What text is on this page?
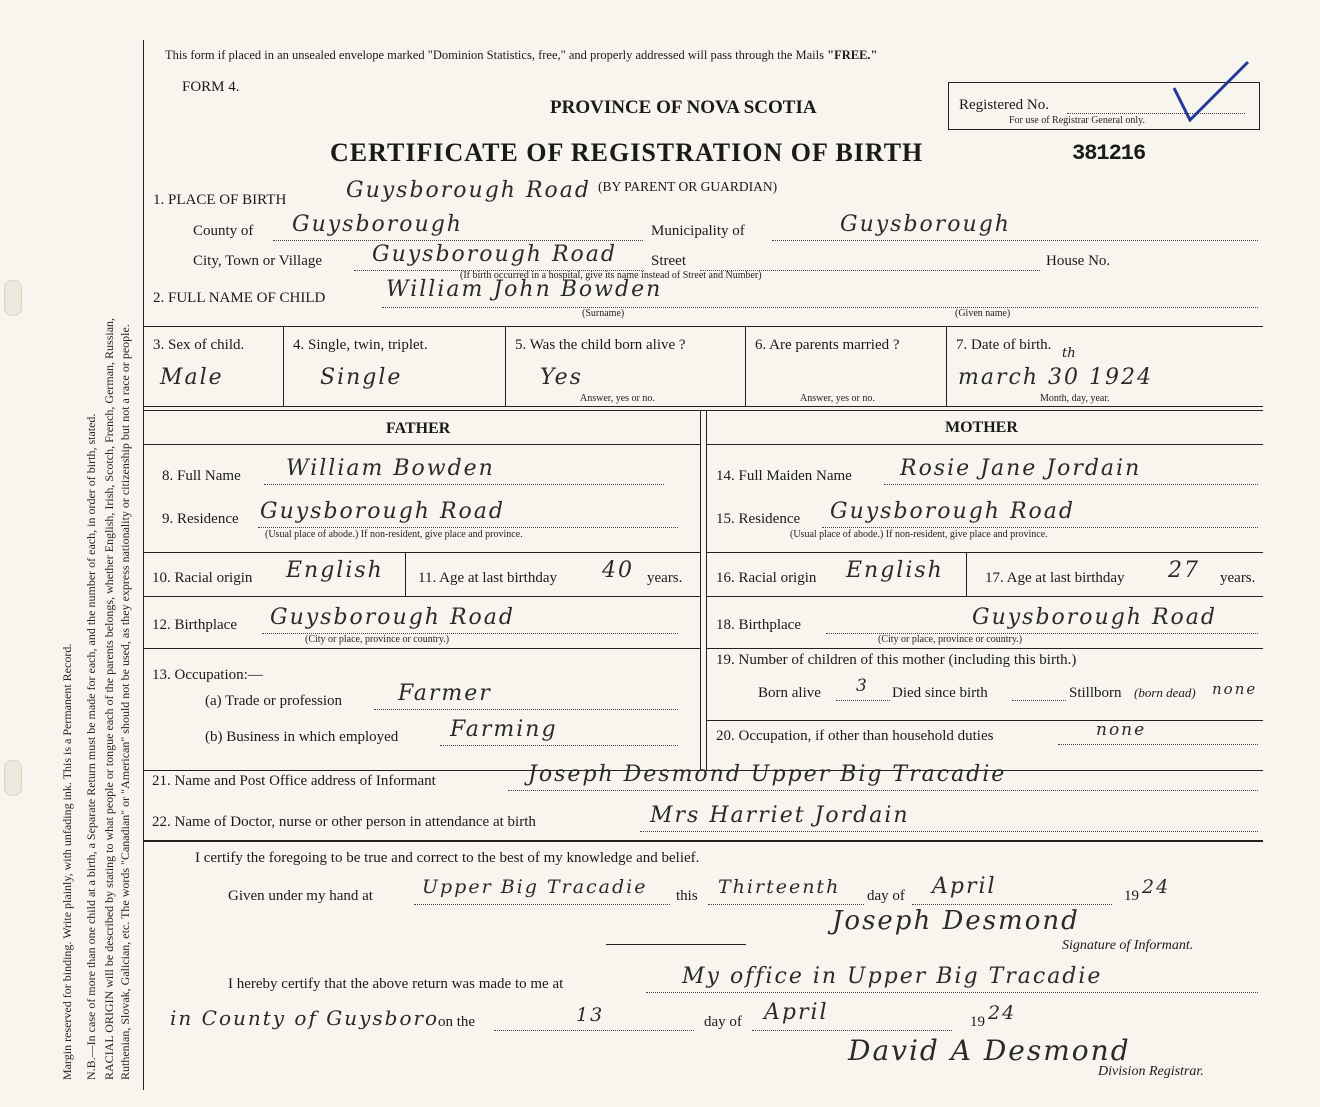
Margin reserved for binding. Write plainly, with unfading ink. This is a Permanent Record. N.B.—In case of more than one child at a birth, a Separate Return must be made for each, and the number of each, in order of birth, stated. RACIAL ORIGIN will be described by stating to what people or tongue each of the parents belongs, whether English, Irish, Scotch, French, German, Russian, Ruthenian, Slovak, Galician, etc. The words "Canadian" or "American" should not be used, as they express nationality or citizenship but not a race or people.
This form if placed in an unsealed envelope marked "Dominion Statistics, free," and properly addressed will pass through the Mails "FREE."
FORM 4.
PROVINCE OF NOVA SCOTIA
CERTIFICATE OF REGISTRATION OF BIRTH	381216
Registered No.
For use of Registrar General only.
1. PLACE OF BIRTH	Guysborough Road (BY PARENT OR GUARDIAN)
County of Guysborough	Municipality of	Guysborough
City, Town or Village Guysborough Road Street	House No.
(If birth occurred in a hospital, give its name instead of Street and Number)
2. FULL NAME OF CHILD	William John Bowden
(Surname)	(Given name)
3. Sex of child.
Male
4. Single, twin, triplet.
Single
5. Was the child born alive ?
Yes
Answer, yes or no.
6. Are parents married ?
Answer, yes or no.
7. Date of birth.
march 30 1924
th
Month, day, year.
FATHER	MOTHER
8. Full Name William Bowden
9. Residence Guysborough Road
(Usual place of abode.) If non-resident, give place and province.
10. Racial origin English 11. Age at last birthday 40 years.
12. Birthplace Guysborough Road
(City or place, province or country.)
13. Occupation:—
(a) Trade or profession	Farmer
(b) Business in which employed Farming
14. Full Maiden Name Rosie Jane Jordain
15. Residence Guysborough Road
(Usual place of abode.) If non-resident, give place and province.
16. Racial origin English	17. Age at last birthday 27 years.
18. Birthplace	Guysborough Road
(City or place, province or country.)
19. Number of children of this mother (including this birth.)
Born alive 3 Died since birth	Stillborn (born dead) none
20. Occupation, if other than household duties	none
21. Name and Post Office address of Informant	Joseph Desmond Upper Big Tracadie
22. Name of Doctor, nurse or other person in attendance at birth	Mrs Harriet Jordain
I certify the foregoing to be true and correct to the best of my knowledge and belief.
Given under my hand at	Upper Big Tracadie this Thirteenth day of April	19 24
Joseph Desmond
Signature of Informant.
I hereby certify that the above return was made to me at	My office in Upper Big Tracadie
in County of Guysboro
on the	13	day of April	19 24
David A Desmond
Division Registrar.
